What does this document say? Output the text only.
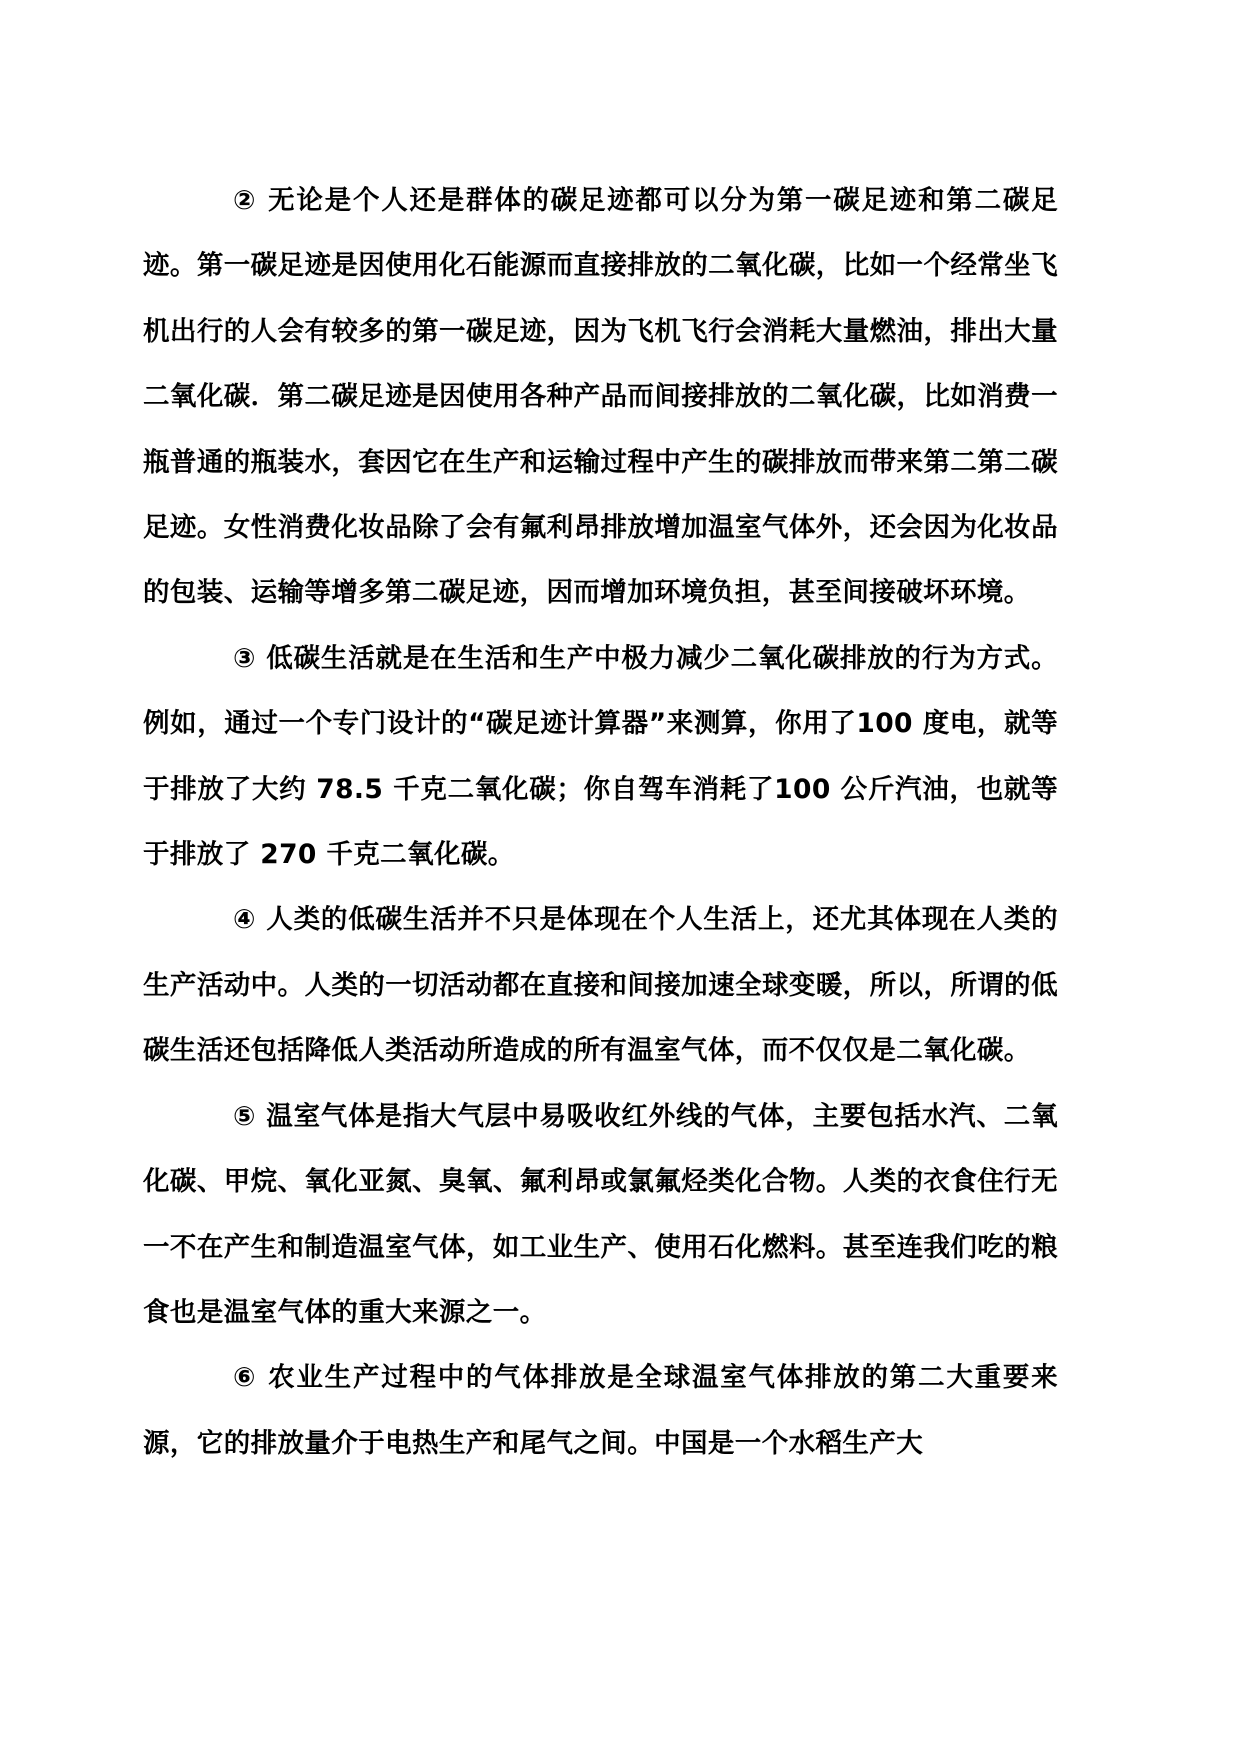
② 无论是个人还是群体的碳足迹都可以分为第一碳足迹和第二碳足迹。第一碳足迹是因使用化石能源而直接排放的二氧化碳，比如一个经常坐飞机出行的人会有较多的第一碳足迹，因为飞机飞行会消耗大量燃油，排出大量二氧化碳．第二碳足迹是因使用各种产品而间接排放的二氧化碳，比如消费一瓶普通的瓶装水，套因它在生产和运输过程中产生的碳排放而带来第二第二碳足迹。女性消费化妆品除了会有氟利昂排放增加温室气体外，还会因为化妆品的包装、运输等增多第二碳足迹，因而增加环境负担，甚至间接破坏环境。

③ 低碳生活就是在生活和生产中极力减少二氧化碳排放的行为方式。例如，通过一个专门设计的“碳足迹计算器”来测算，你用了100 度电，就等于排放了大约 78.5 千克二氧化碳；你自驾车消耗了100 公斤汽油，也就等于排放了 270 千克二氧化碳。

④ 人类的低碳生活并不只是体现在个人生活上，还尤其体现在人类的生产活动中。人类的一切活动都在直接和间接加速全球变暖，所以，所谓的低碳生活还包括降低人类活动所造成的所有温室气体，而不仅仅是二氧化碳。

⑤ 温室气体是指大气层中易吸收红外线的气体，主要包括水汽、二氧化碳、甲烷、氧化亚氮、臭氧、氟利昂或氯氟烃类化合物。人类的衣食住行无一不在产生和制造温室气体，如工业生产、使用石化燃料。甚至连我们吃的粮食也是温室气体的重大来源之一。

⑥ 农业生产过程中的气体排放是全球温室气体排放的第二大重要来源，它的排放量介于电热生产和尾气之间。中国是一个水稻生产大
